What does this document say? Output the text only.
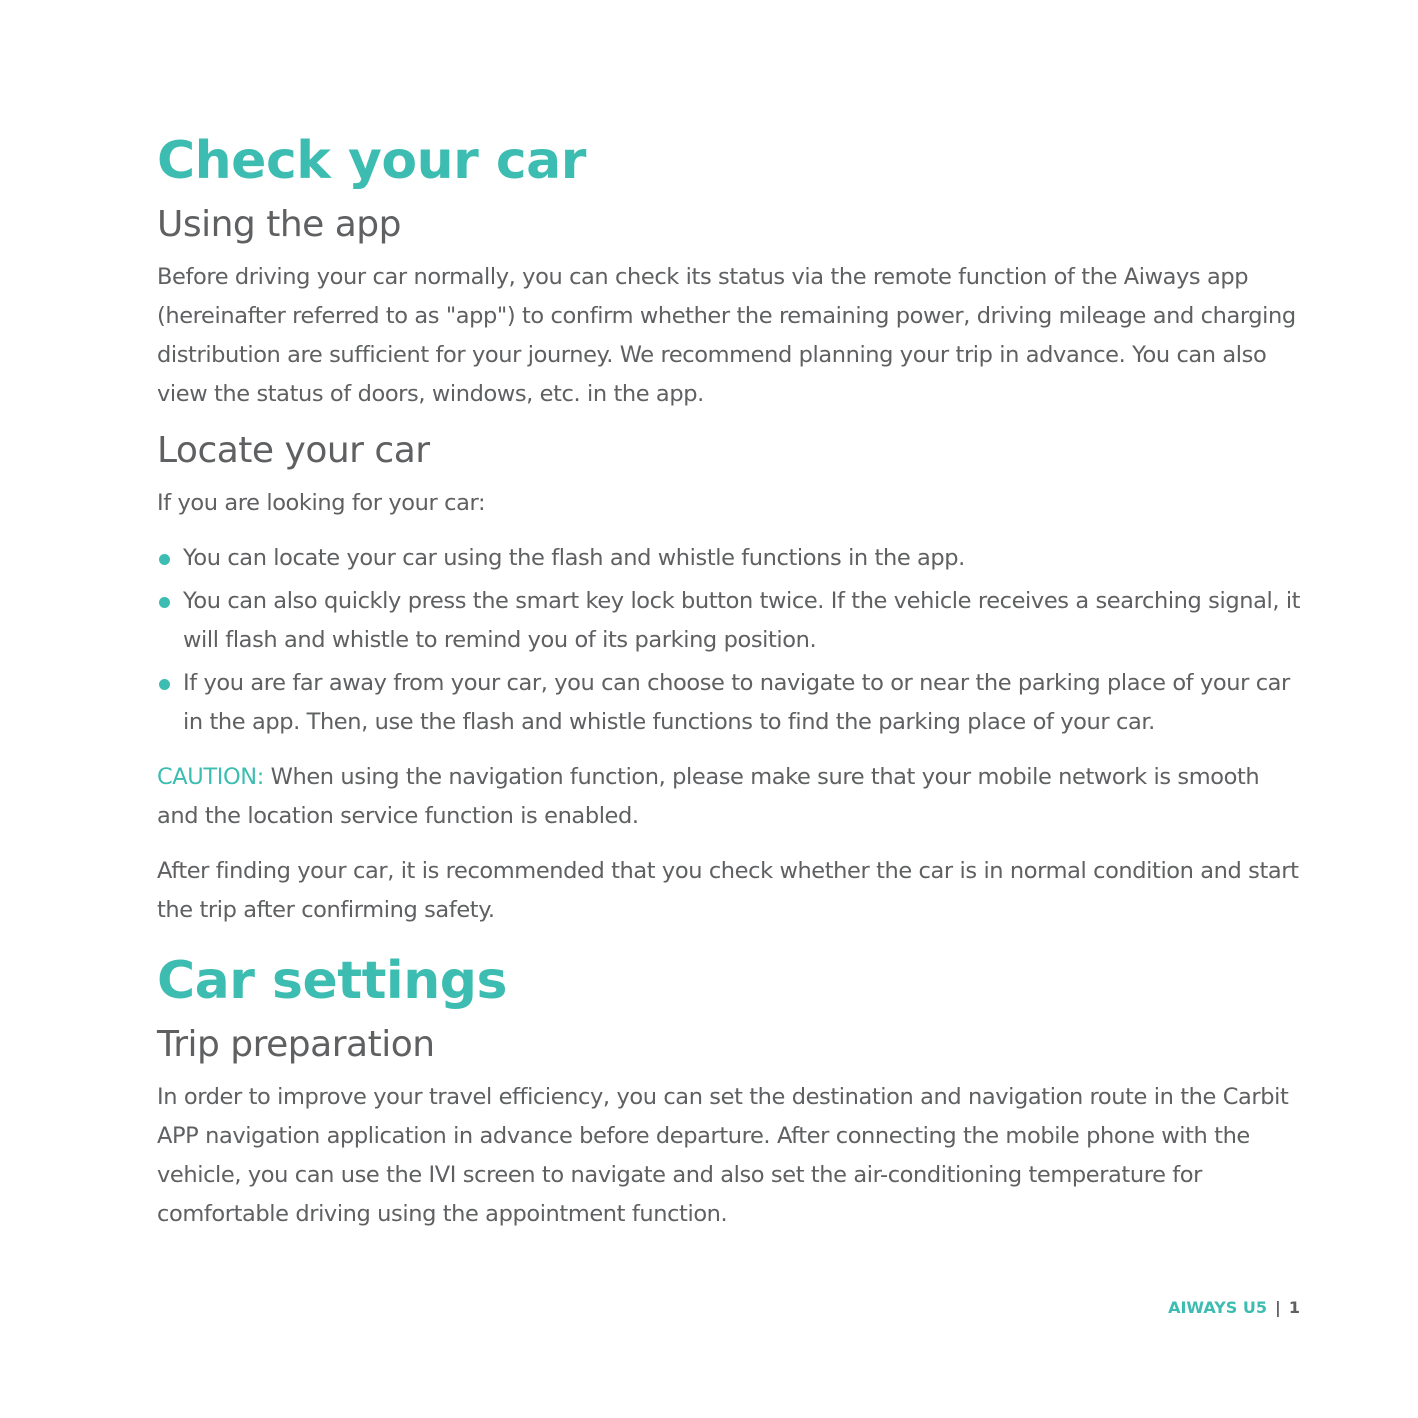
Check your car
Using the app

Before driving your car normally, you can check its status via the remote function of the Aiways app (hereinafter referred to as "app") to confirm whether the remaining power, driving mileage and charging distribution are sufficient for your journey. We recommend planning your trip in advance. You can also view the status of doors, windows, etc. in the app.

Locate your car

If you are looking for your car:

You can locate your car using the flash and whistle functions in the app.
You can also quickly press the smart key lock button twice. If the vehicle receives a searching signal, it will flash and whistle to remind you of its parking position.
If you are far away from your car, you can choose to navigate to or near the parking place of your car in the app. Then, use the flash and whistle functions to find the parking place of your car.

CAUTION: When using the navigation function, please make sure that your mobile network is smooth and the location service function is enabled.

After finding your car, it is recommended that you check whether the car is in normal condition and start the trip after confirming safety.

Car settings
Trip preparation

In order to improve your travel efficiency, you can set the destination and navigation route in the Carbit APP navigation application in advance before departure. After connecting the mobile phone with the vehicle, you can use the IVI screen to navigate and also set the air-conditioning temperature for comfortable driving using the appointment function.

AIWAYS U5 | 1
